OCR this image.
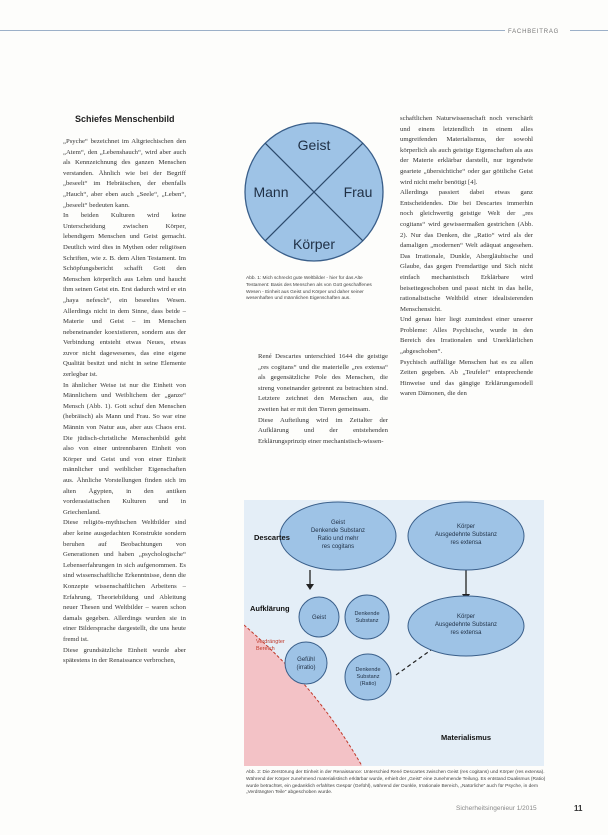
FACHBEITRAG
Schiefes Menschenbild

„Psyche“ bezeichnet im Altgriechischen den „Atem“, den „Lebenshauch“, wird aber auch als Kennzeichnung des ganzen Menschen verstanden. Ähnlich wie bei der Begriff „beseelt“ im Hebräischen, der ebenfalls „Hauch“, aber eben auch „Seele“, „Leben“, „beseelt“ bedeuten kann.

In beiden Kulturen wird keine Unterscheidung zwischen Körper, lebendigem Menschen und Geist gemacht. Deutlich wird dies in Mythen oder religiösen Schriften, wie z. B. dem Alten Testament. Im Schöpfungsbericht schafft Gott den Menschen körperlich aus Lehm und haucht ihm seinen Geist ein. Erst dadurch wird er ein „haya nefesch“, ein beseeltes Wesen. Allerdings nicht in dem Sinne, dass beide – Materie und Geist – im Menschen nebeneinander koexistieren, sondern aus der Verbindung entsteht etwas Neues, etwas zuvor nicht dagewesenes, das eine eigene Qualität besitzt und nicht in seine Elemente zerlegbar ist.

In ähnlicher Weise ist nur die Einheit von Männlichem und Weiblichem der „ganze“ Mensch (Abb. 1). Gott schuf den Menschen (hebräisch) als Mann und Frau. So war eine Männin von Natur aus, aber aus Chaos erst. Die jüdisch-christliche Menschenbild geht also von einer untrennbaren Einheit von Körper und Geist und von einer Einheit männlicher und weiblicher Eigenschaften aus. Ähnliche Vorstellungen finden sich im alten Ägypten, in den antiken vorderasiatischen Kulturen und in Griechenland.

Diese religiös-mythischen Weltbilder sind aber keine ausgedachten Konstrukte sondern beruhen auf Beobachtungen von Generationen und haben „psychologische“ Lebenserfahrungen in sich aufgenommen. Es sind wissenschaftliche Erkenntnisse, denn die Konzepte wissenschaftlichen Arbeitens – Erfahrung, Theoriebildung und Ableitung neuer Thesen und Weltbilder – waren schon damals gegeben. Allerdings wurden sie in einer Bildersprache dargestellt, die uns heute fremd ist.

Diese grundsätzliche Einheit wurde aber spätestens in der Renaissance verbrochen,

Geist
Mann	Frau
Körper
Abb. 1: Mich schreckt gute Weltbilder - hier für das Alte Testament: Basis des Menschen als von Gott geschaffenes Wesen - Einheit aus Geist und Körper und daher seiner wesenhaften und männlichen Eigenschaften aus.

René Descartes unterschied 1644 die geistige „res cogitans“ und die materielle „res extensa“ als gegensätzliche Pole des Menschen, die streng voneinander getrennt zu betrachten sind. Letztere zeichnet den Menschen aus, die zweiten hat er mit den Tieren gemeinsam.

Diese Aufteilung wird im Zeitalter der Aufklärung und der entstehenden Erklärungsprinzip einer mechanistisch-wissen-

schaftlichen Naturwissenschaft noch verschärft und einem letztendlich in einem alles umgreifenden Materialismus, der sowohl körperlich als auch geistige Eigenschaften als aus der Materie erklärbar darstellt, nur irgendwie geartete „übersichtiche“ oder gar göttliche Geist wird nicht mehr benötigt [4].

Allerdings passiert dabei etwas ganz Entscheidendes. Die bei Descartes immerhin noch gleichwertig geistige Welt der „res cogitans“ wird gewissermaßen gestrichen (Abb. 2). Nur das Denken, die „Ratio“ wird als der damaligen „modernen“ Welt adäquat angesehen. Das Irrationale, Dunkle, Abergläubische und Glaube, das gegen Fremdartige und Sich nicht einfach mechanistisch Erklärbare wird beiseitegeschoben und passt nicht in das helle, rationalistische Weltbild einer idealisierenden Menschensicht.

Und genau hier liegt zumindest einer unserer Probleme: Alles Psychische, wurde in den Bereich des Irrationalen und Unerklärlichen „abgeschoben“.

Psychisch auffällige Menschen hat es zu allen Zeiten gegeben. Ab „Teufelei“ entsprechende Hinweise und das gängige Erklärungsmodell waren Dämonen, die den

Geist
Denkende Substanz
Ratio und mehr
res cogitans
Körper
Ausgedehnte Substanz
res extensa
Descartes
Aufklärung
Materialismus
Geist
Denkende
Substanz
Verdrängter
Bereich
Gefühl
(irratio)	Denkende
Substanz
(Ratio)
Körper
Ausgedehnte Substanz
res extensa
Abb. 2: Die Zerstörung der Einheit in der Renaissance: Unterschied René Descartes zwischen Geist (res cogitans) und Körper (res extensa). Während der Körper zunehmend materialistisch erklärbar wurde, erhielt der „Geist“ eine zunehmende Teilung. Es entstand Dualismus (Ratio) wurde betrachtet, ein gedanklich erfahltes Gespür (Gefühl), während der Dunkle, Irrationale Bereich, „Natürliche“ auch für Psyche, in dem „Verdrängten Teile“ abgeschoben wurde.
Sicherheitsingenieur 1/2015	11
